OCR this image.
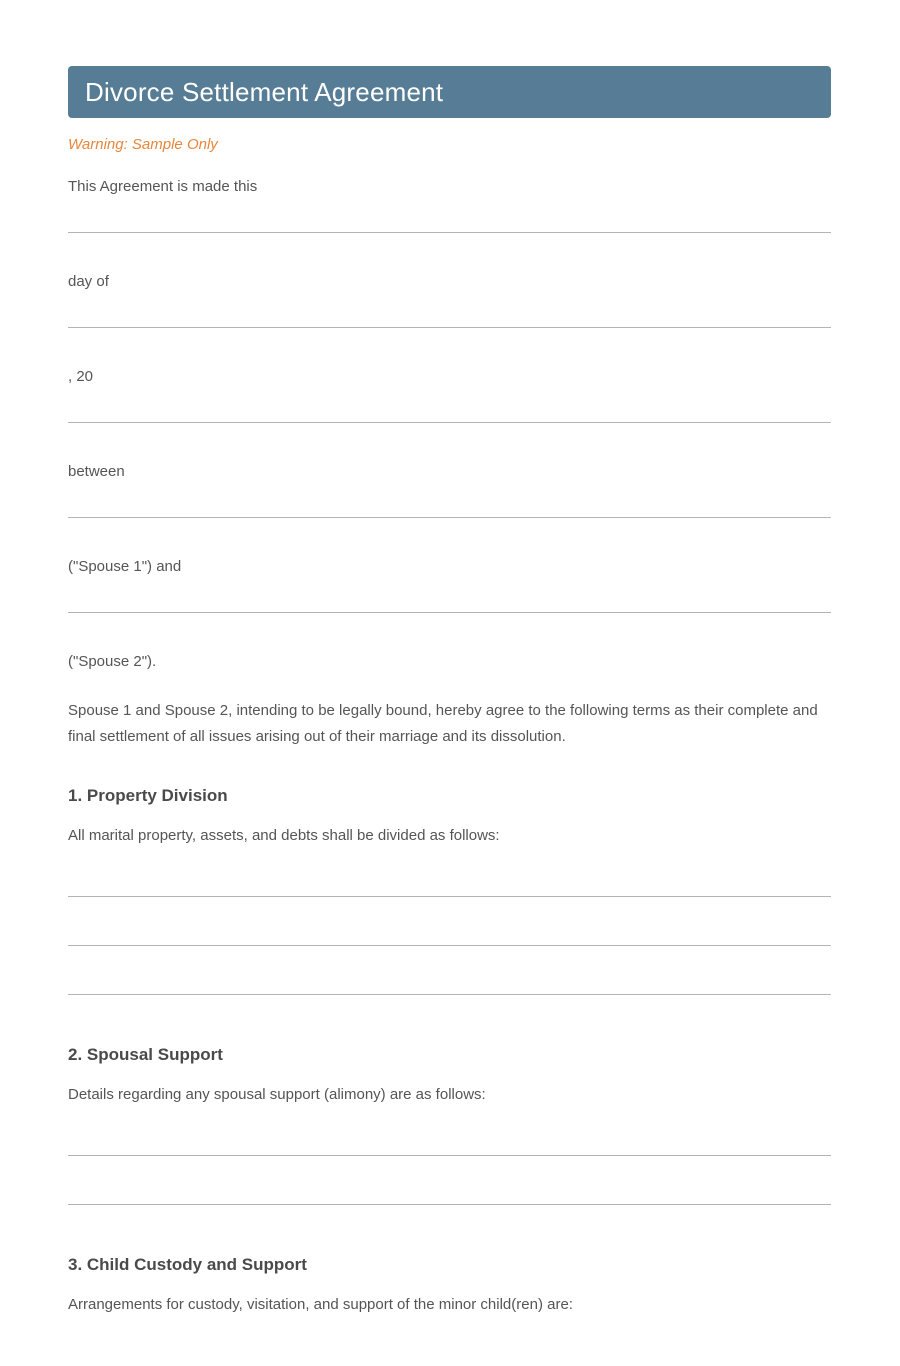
Divorce Settlement Agreement
Warning: Sample Only
This Agreement is made this
day of
, 20
between
("Spouse 1") and
("Spouse 2").

Spouse 1 and Spouse 2, intending to be legally bound, hereby agree to the following terms as their complete and final settlement of all issues arising out of their marriage and its dissolution.

1. Property Division

All marital property, assets, and debts shall be divided as follows:

2. Spousal Support

Details regarding any spousal support (alimony) are as follows:

3. Child Custody and Support

Arrangements for custody, visitation, and support of the minor child(ren) are:
